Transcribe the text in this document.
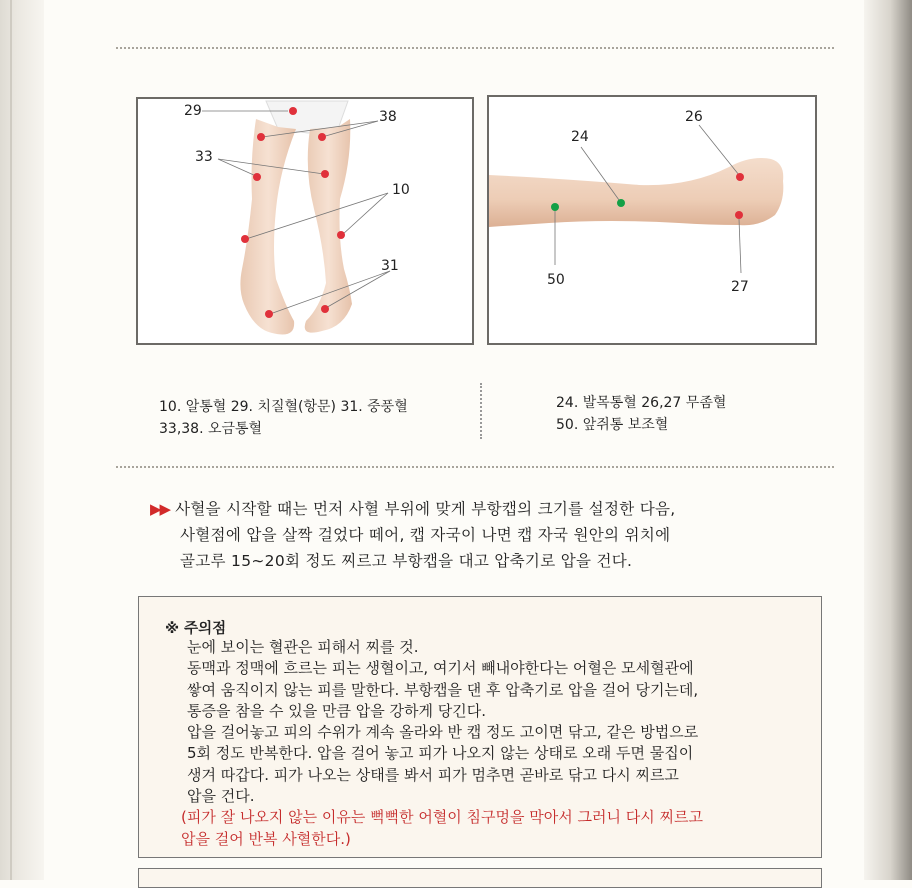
29	38
33
10
31
26
24
50	27
10. 알통혈 29. 치질혈(항문) 31. 중풍혈
33,38. 오금통혈
24. 발목통혈 26,27 무좀혈
50. 앞쥐통 보조혈
▶▶ 사혈을 시작할 때는 먼저 사혈 부위에 맞게 부항캡의 크기를 설정한 다음,
사혈점에 압을 살짝 걸었다 떼어, 캡 자국이 나면 캡 자국 원안의 위치에
골고루 15∼20회 정도 찌르고 부항캡을 대고 압축기로 압을 건다.
※ 주의점
눈에 보이는 혈관은 피해서 찌를 것.
동맥과 정맥에 흐르는 피는 생혈이고, 여기서 빼내야한다는 어혈은 모세혈관에
쌓여 움직이지 않는 피를 말한다. 부항캡을 댄 후 압축기로 압을 걸어 당기는데,
통증을 참을 수 있을 만큼 압을 강하게 당긴다.
압을 걸어놓고 피의 수위가 계속 올라와 반 캡 정도 고이면 닦고, 같은 방법으로
5회 정도 반복한다. 압을 걸어 놓고 피가 나오지 않는 상태로 오래 두면 물집이
생겨 따갑다. 피가 나오는 상태를 봐서 피가 멈추면 곧바로 닦고 다시 찌르고
압을 건다.
(피가 잘 나오지 않는 이유는 뻑뻑한 어혈이 침구멍을 막아서 그러니 다시 찌르고
압을 걸어 반복 사혈한다.)
